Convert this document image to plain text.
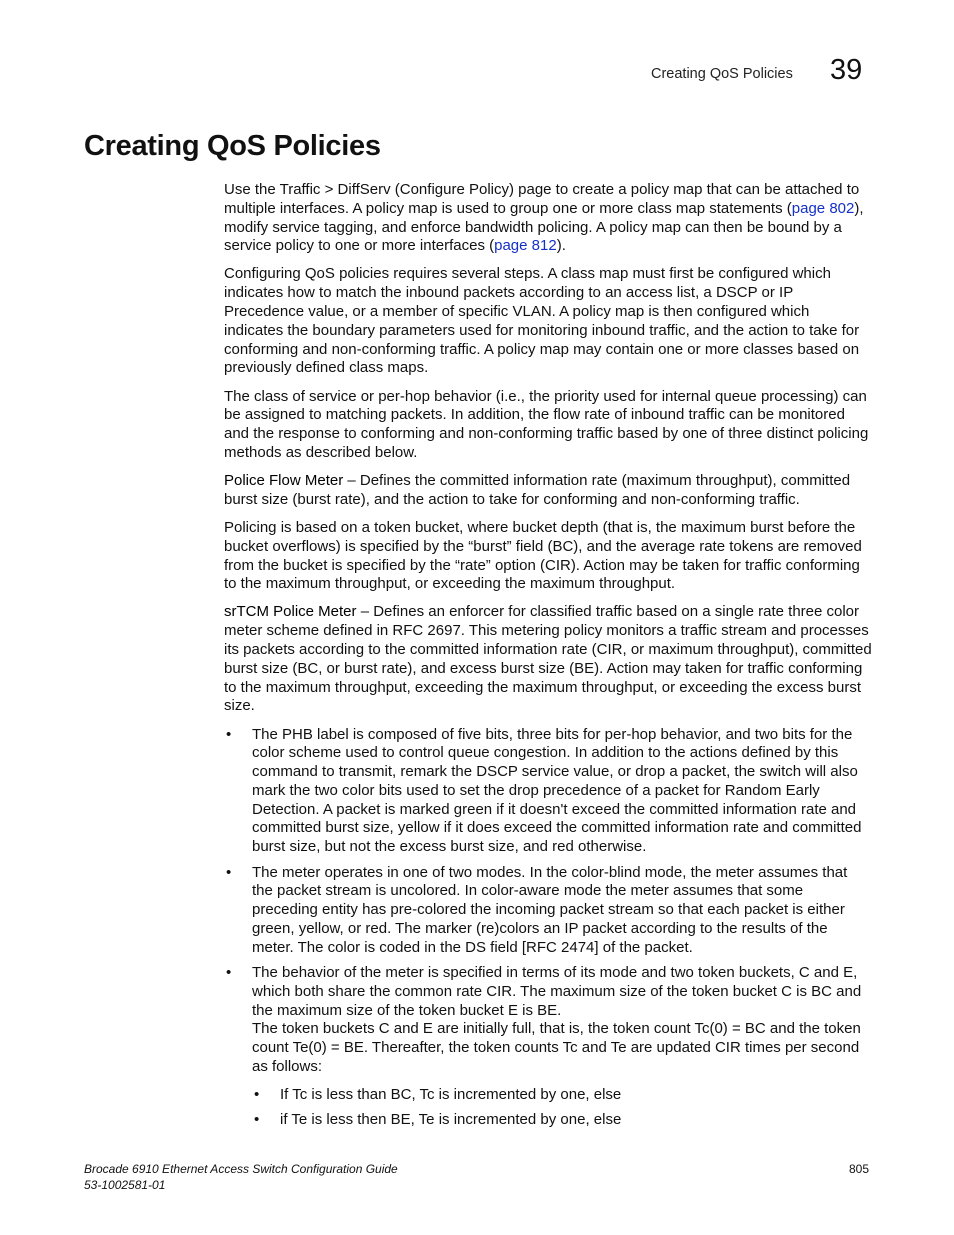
Creating QoS Policies 39
Creating QoS Policies

Use the Traffic > DiffServ (Configure Policy) page to create a policy map that can be attached to multiple interfaces. A policy map is used to group one or more class map statements (page 802), modify service tagging, and enforce bandwidth policing. A policy map can then be bound by a service policy to one or more interfaces (page 812).

Configuring QoS policies requires several steps. A class map must first be configured which indicates how to match the inbound packets according to an access list, a DSCP or IP Precedence value, or a member of specific VLAN. A policy map is then configured which indicates the boundary parameters used for monitoring inbound traffic, and the action to take for conforming and non-conforming traffic. A policy map may contain one or more classes based on previously defined class maps.

The class of service or per-hop behavior (i.e., the priority used for internal queue processing) can be assigned to matching packets. In addition, the flow rate of inbound traffic can be monitored and the response to conforming and non-conforming traffic based by one of three distinct policing methods as described below.

Police Flow Meter – Defines the committed information rate (maximum throughput), committed burst size (burst rate), and the action to take for conforming and non-conforming traffic.

Policing is based on a token bucket, where bucket depth (that is, the maximum burst before the bucket overflows) is specified by the “burst” field (BC), and the average rate tokens are removed from the bucket is specified by the “rate” option (CIR). Action may be taken for traffic conforming to the maximum throughput, or exceeding the maximum throughput.

srTCM Police Meter – Defines an enforcer for classified traffic based on a single rate three color meter scheme defined in RFC 2697. This metering policy monitors a traffic stream and processes its packets according to the committed information rate (CIR, or maximum throughput), committed burst size (BC, or burst rate), and excess burst size (BE). Action may taken for traffic conforming to the maximum throughput, exceeding the maximum throughput, or exceeding the excess burst size.

• The PHB label is composed of five bits, three bits for per-hop behavior, and two bits for the color scheme used to control queue congestion. In addition to the actions defined by this command to transmit, remark the DSCP service value, or drop a packet, the switch will also mark the two color bits used to set the drop precedence of a packet for Random Early Detection. A packet is marked green if it doesn't exceed the committed information rate and committed burst size, yellow if it does exceed the committed information rate and committed burst size, but not the excess burst size, and red otherwise.
• The meter operates in one of two modes. In the color-blind mode, the meter assumes that the packet stream is uncolored. In color-aware mode the meter assumes that some preceding entity has pre-colored the incoming packet stream so that each packet is either green, yellow, or red. The marker (re)colors an IP packet according to the results of the meter. The color is coded in the DS field [RFC 2474] of the packet.
• The behavior of the meter is specified in terms of its mode and two token buckets, C and E, which both share the common rate CIR. The maximum size of the token bucket C is BC and the maximum size of the token bucket E is BE.

The token buckets C and E are initially full, that is, the token count Tc(0) = BC and the token count Te(0) = BE. Thereafter, the token counts Tc and Te are updated CIR times per second as follows:

• If Tc is less than BC, Tc is incremented by one, else
• if Te is less then BE, Te is incremented by one, else
Brocade 6910 Ethernet Access Switch Configuration Guide
53-1002581-01
805
